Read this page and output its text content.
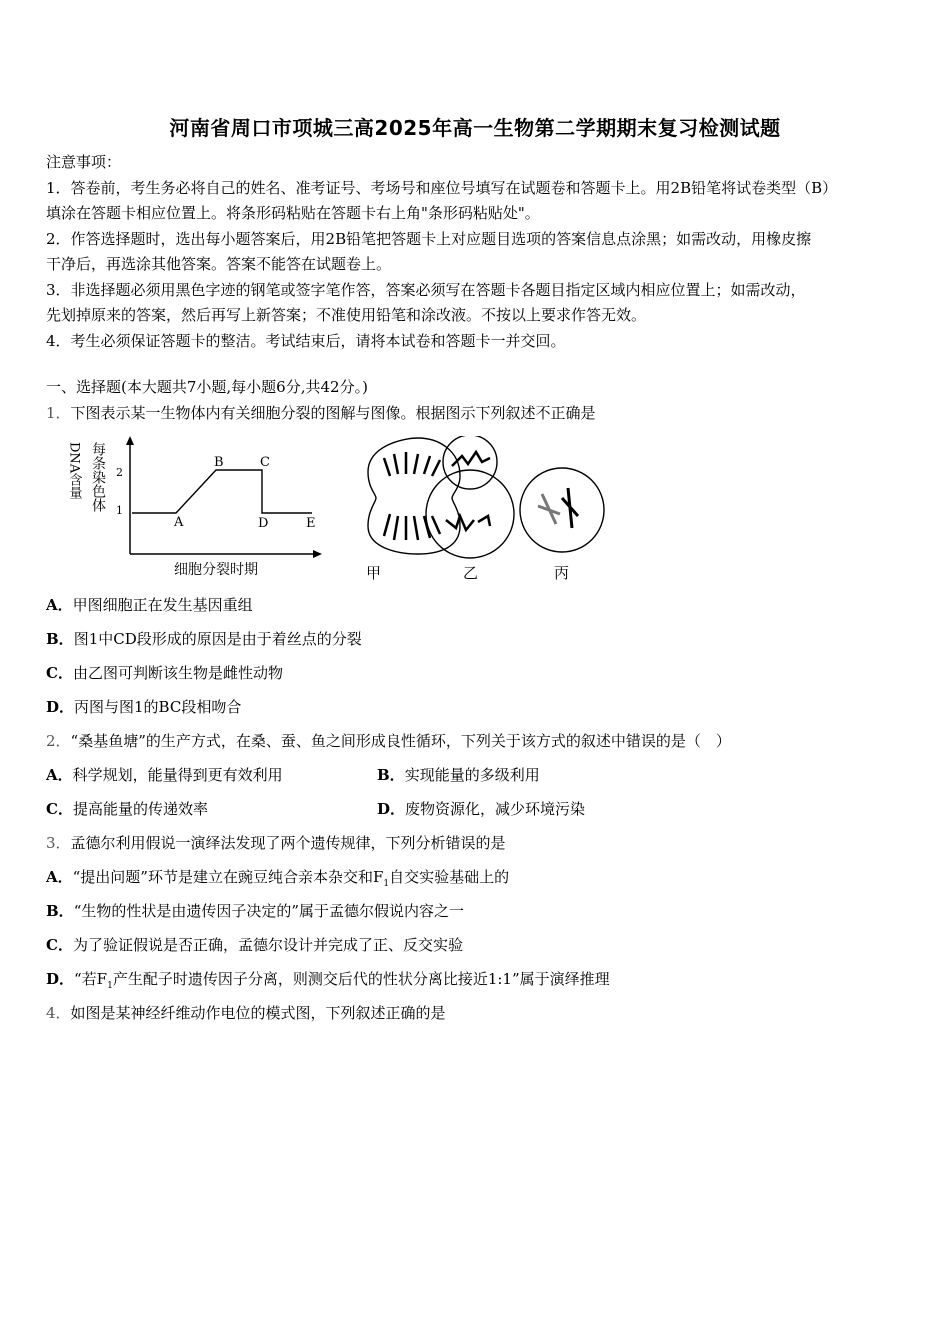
河南省周口市项城三高2025年高一生物第二学期期末复习检测试题
注意事项：
1．答卷前，考生务必将自己的姓名、准考证号、考场号和座位号填写在试题卷和答题卡上。用2B铅笔将试卷类型（B）
填涂在答题卡相应位置上。将条形码粘贴在答题卡右上角"条形码粘贴处"。
2．作答选择题时，选出每小题答案后，用2B铅笔把答题卡上对应题目选项的答案信息点涂黑；如需改动，用橡皮擦
干净后，再选涂其他答案。答案不能答在试题卷上。
3．非选择题必须用黑色字迹的钢笔或签字笔作答，答案必须写在答题卡各题目指定区域内相应位置上；如需改动，
先划掉原来的答案，然后再写上新答案；不准使用铅笔和涂改液。不按以上要求作答无效。
4．考生必须保证答题卡的整洁。考试结束后，请将本试卷和答题卡一并交回。
一、选择题(本大题共7小题,每小题6分,共42分。)
1．下图表示某一生物体内有关细胞分裂的图解与图像。根据图示下列叙述不正确是
每条染色体
DNA含量	2
1
A
B	C
D	E
细胞分裂时期	甲	乙	丙
A．甲图细胞正在发生基因重组
B．图1中CD段形成的原因是由于着丝点的分裂
C．由乙图可判断该生物是雌性动物
D．丙图与图1的BC段相吻合
2．“桑基鱼塘”的生产方式，在桑、蚕、鱼之间形成良性循环，下列关于该方式的叙述中错误的是（　）
A．科学规划，能量得到更有效利用	B．实现能量的多级利用
C．提高能量的传递效率	D．废物资源化，减少环境污染
3．孟德尔利用假说一演绎法发现了两个遗传规律，下列分析错误的是
A．“提出问题”环节是建立在豌豆纯合亲本杂交和$F_1$自交实验基础上的
B．“生物的性状是由遗传因子决定的”属于孟德尔假说内容之一
C．为了验证假说是否正确，孟德尔设计并完成了正、反交实验
D．“若$F_1$产生配子时遗传因子分离，则测交后代的性状分离比接近1:1”属于演绎推理
4．如图是某神经纤维动作电位的模式图，下列叙述正确的是
